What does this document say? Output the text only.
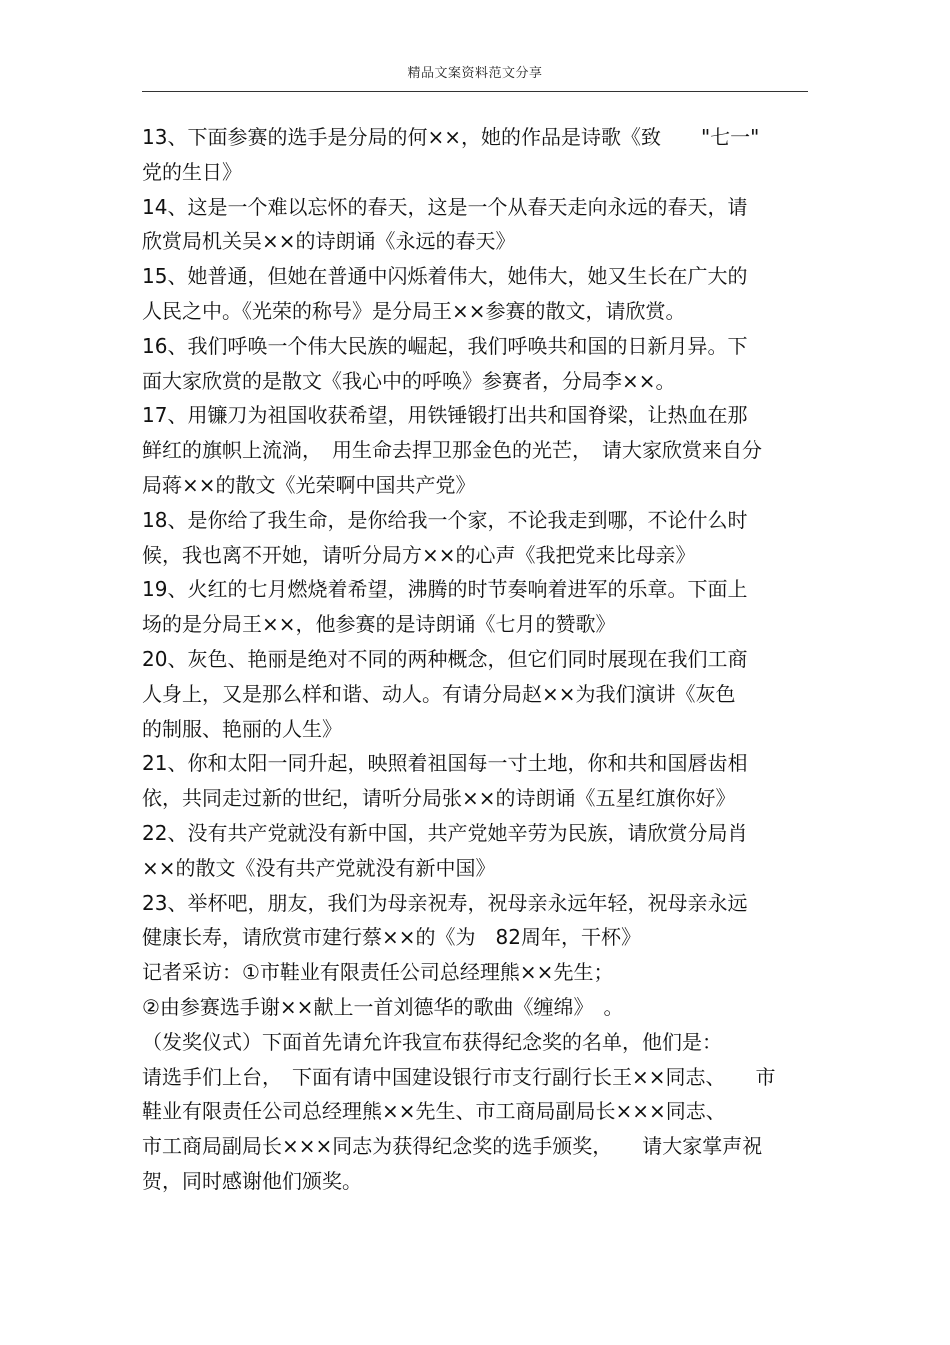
精品文案资料范文分享
13、下面参赛的选手是分局的何××，她的作品是诗歌《致　　"七一"
党的生日》
14、这是一个难以忘怀的春天，这是一个从春天走向永远的春天，请
欣赏局机关吴××的诗朗诵《永远的春天》
15、她普通，但她在普通中闪烁着伟大，她伟大，她又生长在广大的
人民之中。《光荣的称号》是分局王××参赛的散文，请欣赏。
16、我们呼唤一个伟大民族的崛起，我们呼唤共和国的日新月异。下
面大家欣赏的是散文《我心中的呼唤》参赛者，分局李××。
17、用镰刀为祖国收获希望，用铁锤锻打出共和国脊梁，让热血在那
鲜红的旗帜上流淌，　用生命去捍卫那金色的光芒，　请大家欣赏来自分
局蒋××的散文《光荣啊中国共产党》
18、是你给了我生命，是你给我一个家，不论我走到哪，不论什么时
候，我也离不开她，请听分局方××的心声《我把党来比母亲》
19、火红的七月燃烧着希望，沸腾的时节奏响着进军的乐章。下面上
场的是分局王××，他参赛的是诗朗诵《七月的赞歌》
20、灰色、艳丽是绝对不同的两种概念，但它们同时展现在我们工商
人身上，又是那么样和谐、动人。有请分局赵××为我们演讲《灰色
的制服、艳丽的人生》
21、你和太阳一同升起，映照着祖国每一寸土地，你和共和国唇齿相
依，共同走过新的世纪，请听分局张××的诗朗诵《五星红旗你好》
22、没有共产党就没有新中国，共产党她辛劳为民族，请欣赏分局肖
××的散文《没有共产党就没有新中国》
23、举杯吧，朋友，我们为母亲祝寿，祝母亲永远年轻，祝母亲永远
健康长寿，请欣赏市建行蔡××的《为　82周年，干杯》
记者采访：①市鞋业有限责任公司总经理熊××先生；
②由参赛选手谢××献上一首刘德华的歌曲《缠绵》　。
（发奖仪式）下面首先请允许我宣布获得纪念奖的名单，他们是：
请选手们上台，　下面有请中国建设银行市支行副行长王××同志、　　市
鞋业有限责任公司总经理熊××先生、市工商局副局长×××同志、
市工商局副局长×××同志为获得纪念奖的选手颁奖，　　请大家掌声祝
贺，同时感谢他们颁奖。
